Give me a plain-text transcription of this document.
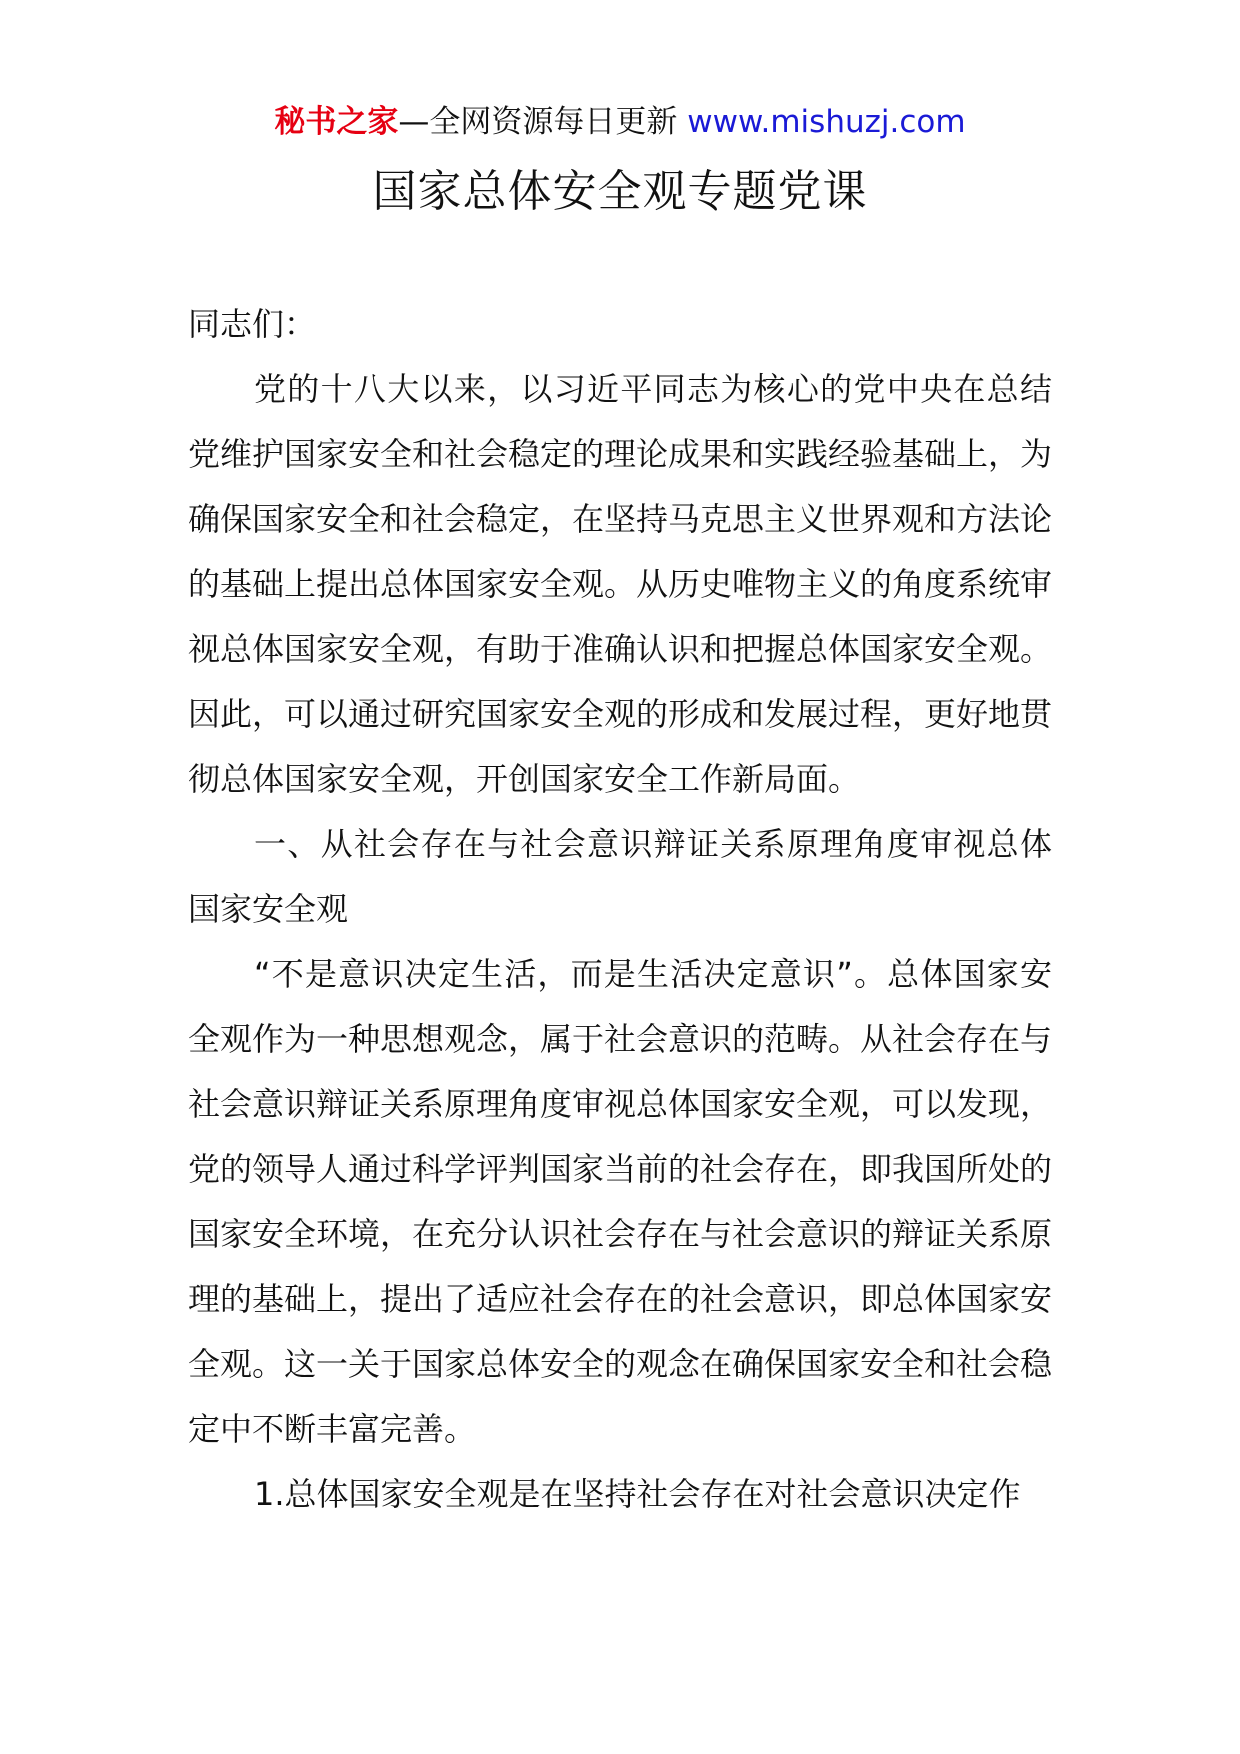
秘书之家—全网资源每日更新 www.mishuzj.com
国家总体安全观专题党课

同志们：

党的十八大以来，以习近平同志为核心的党中央在总结党维护国家安全和社会稳定的理论成果和实践经验基础上，为确保国家安全和社会稳定，在坚持马克思主义世界观和方法论的基础上提出总体国家安全观。从历史唯物主义的角度系统审视总体国家安全观，有助于准确认识和把握总体国家安全观。因此，可以通过研究国家安全观的形成和发展过程，更好地贯彻总体国家安全观，开创国家安全工作新局面。

一、从社会存在与社会意识辩证关系原理角度审视总体国家安全观

“不是意识决定生活，而是生活决定意识”。总体国家安全观作为一种思想观念，属于社会意识的范畴。从社会存在与社会意识辩证关系原理角度审视总体国家安全观，可以发现，党的领导人通过科学评判国家当前的社会存在，即我国所处的国家安全环境，在充分认识社会存在与社会意识的辩证关系原理的基础上，提出了适应社会存在的社会意识，即总体国家安全观。这一关于国家总体安全的观念在确保国家安全和社会稳定中不断丰富完善。

1.总体国家安全观是在坚持社会存在对社会意识决定作
